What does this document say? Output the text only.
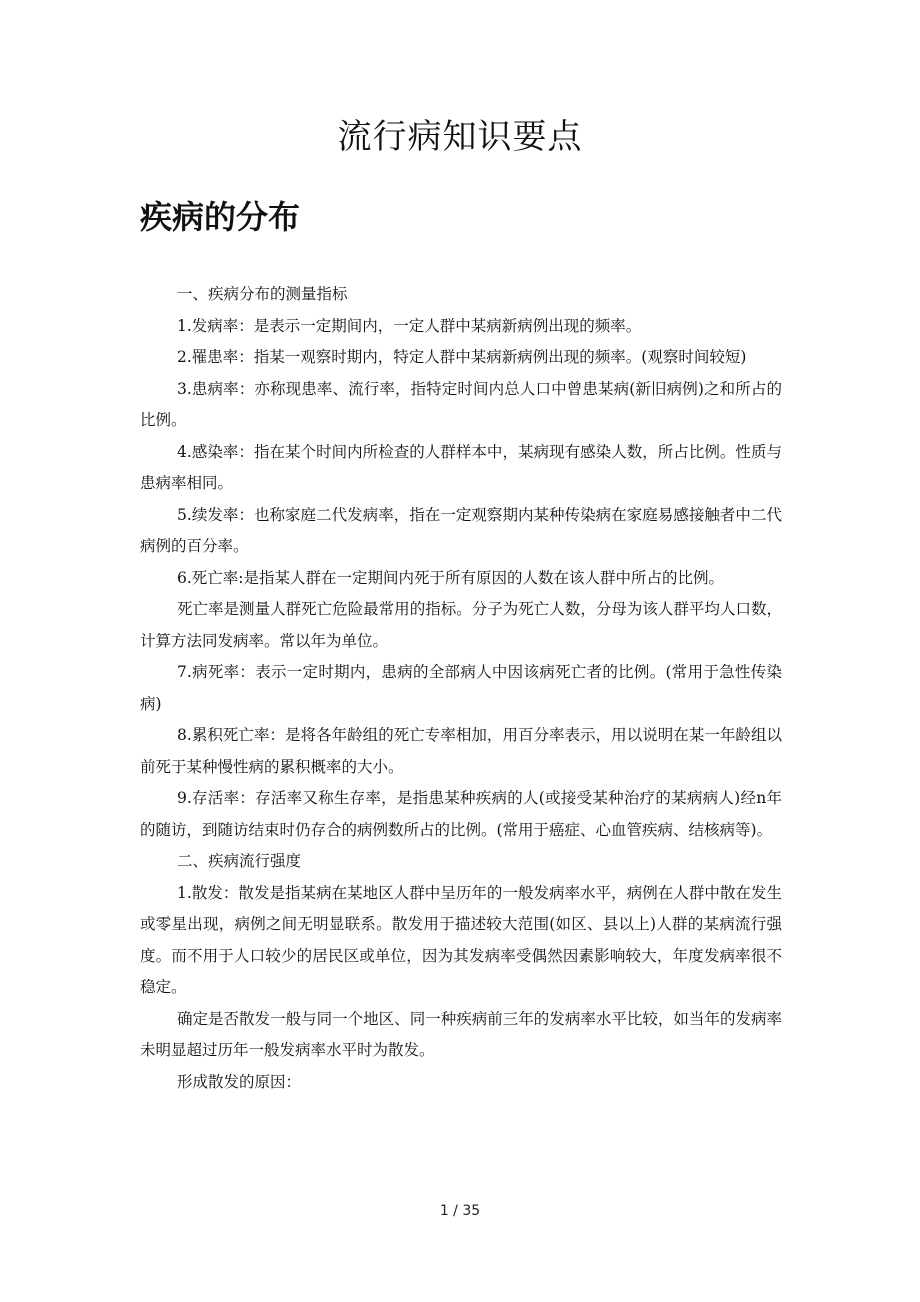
流行病知识要点
疾病的分布

一、疾病分布的测量指标

1.发病率：是表示一定期间内，一定人群中某病新病例出现的频率。

2.罹患率：指某一观察时期内，特定人群中某病新病例出现的频率。(观察时间较短)

3.患病率：亦称现患率、流行率，指特定时间内总人口中曾患某病(新旧病例)之和所占的比例。

4.感染率：指在某个时间内所检查的人群样本中，某病现有感染人数，所占比例。性质与患病率相同。

5.续发率：也称家庭二代发病率，指在一定观察期内某种传染病在家庭易感接触者中二代病例的百分率。

6.死亡率:是指某人群在一定期间内死于所有原因的人数在该人群中所占的比例。

死亡率是测量人群死亡危险最常用的指标。分子为死亡人数，分母为该人群平均人口数，计算方法同发病率。常以年为单位。

7.病死率：表示一定时期内，患病的全部病人中因该病死亡者的比例。(常用于急性传染病)

8.累积死亡率：是将各年龄组的死亡专率相加，用百分率表示，用以说明在某一年龄组以前死于某种慢性病的累积概率的大小。

9.存活率：存活率又称生存率，是指患某种疾病的人(或接受某种治疗的某病病人)经n年的随访，到随访结束时仍存合的病例数所占的比例。(常用于癌症、心血管疾病、结核病等)。

二、疾病流行强度

1.散发：散发是指某病在某地区人群中呈历年的一般发病率水平，病例在人群中散在发生或零星出现，病例之间无明显联系。散发用于描述较大范围(如区、县以上)人群的某病流行强度。而不用于人口较少的居民区或单位，因为其发病率受偶然因素影响较大，年度发病率很不稳定。

确定是否散发一般与同一个地区、同一种疾病前三年的发病率水平比较，如当年的发病率未明显超过历年一般发病率水平时为散发。

形成散发的原因：

1 / 35
